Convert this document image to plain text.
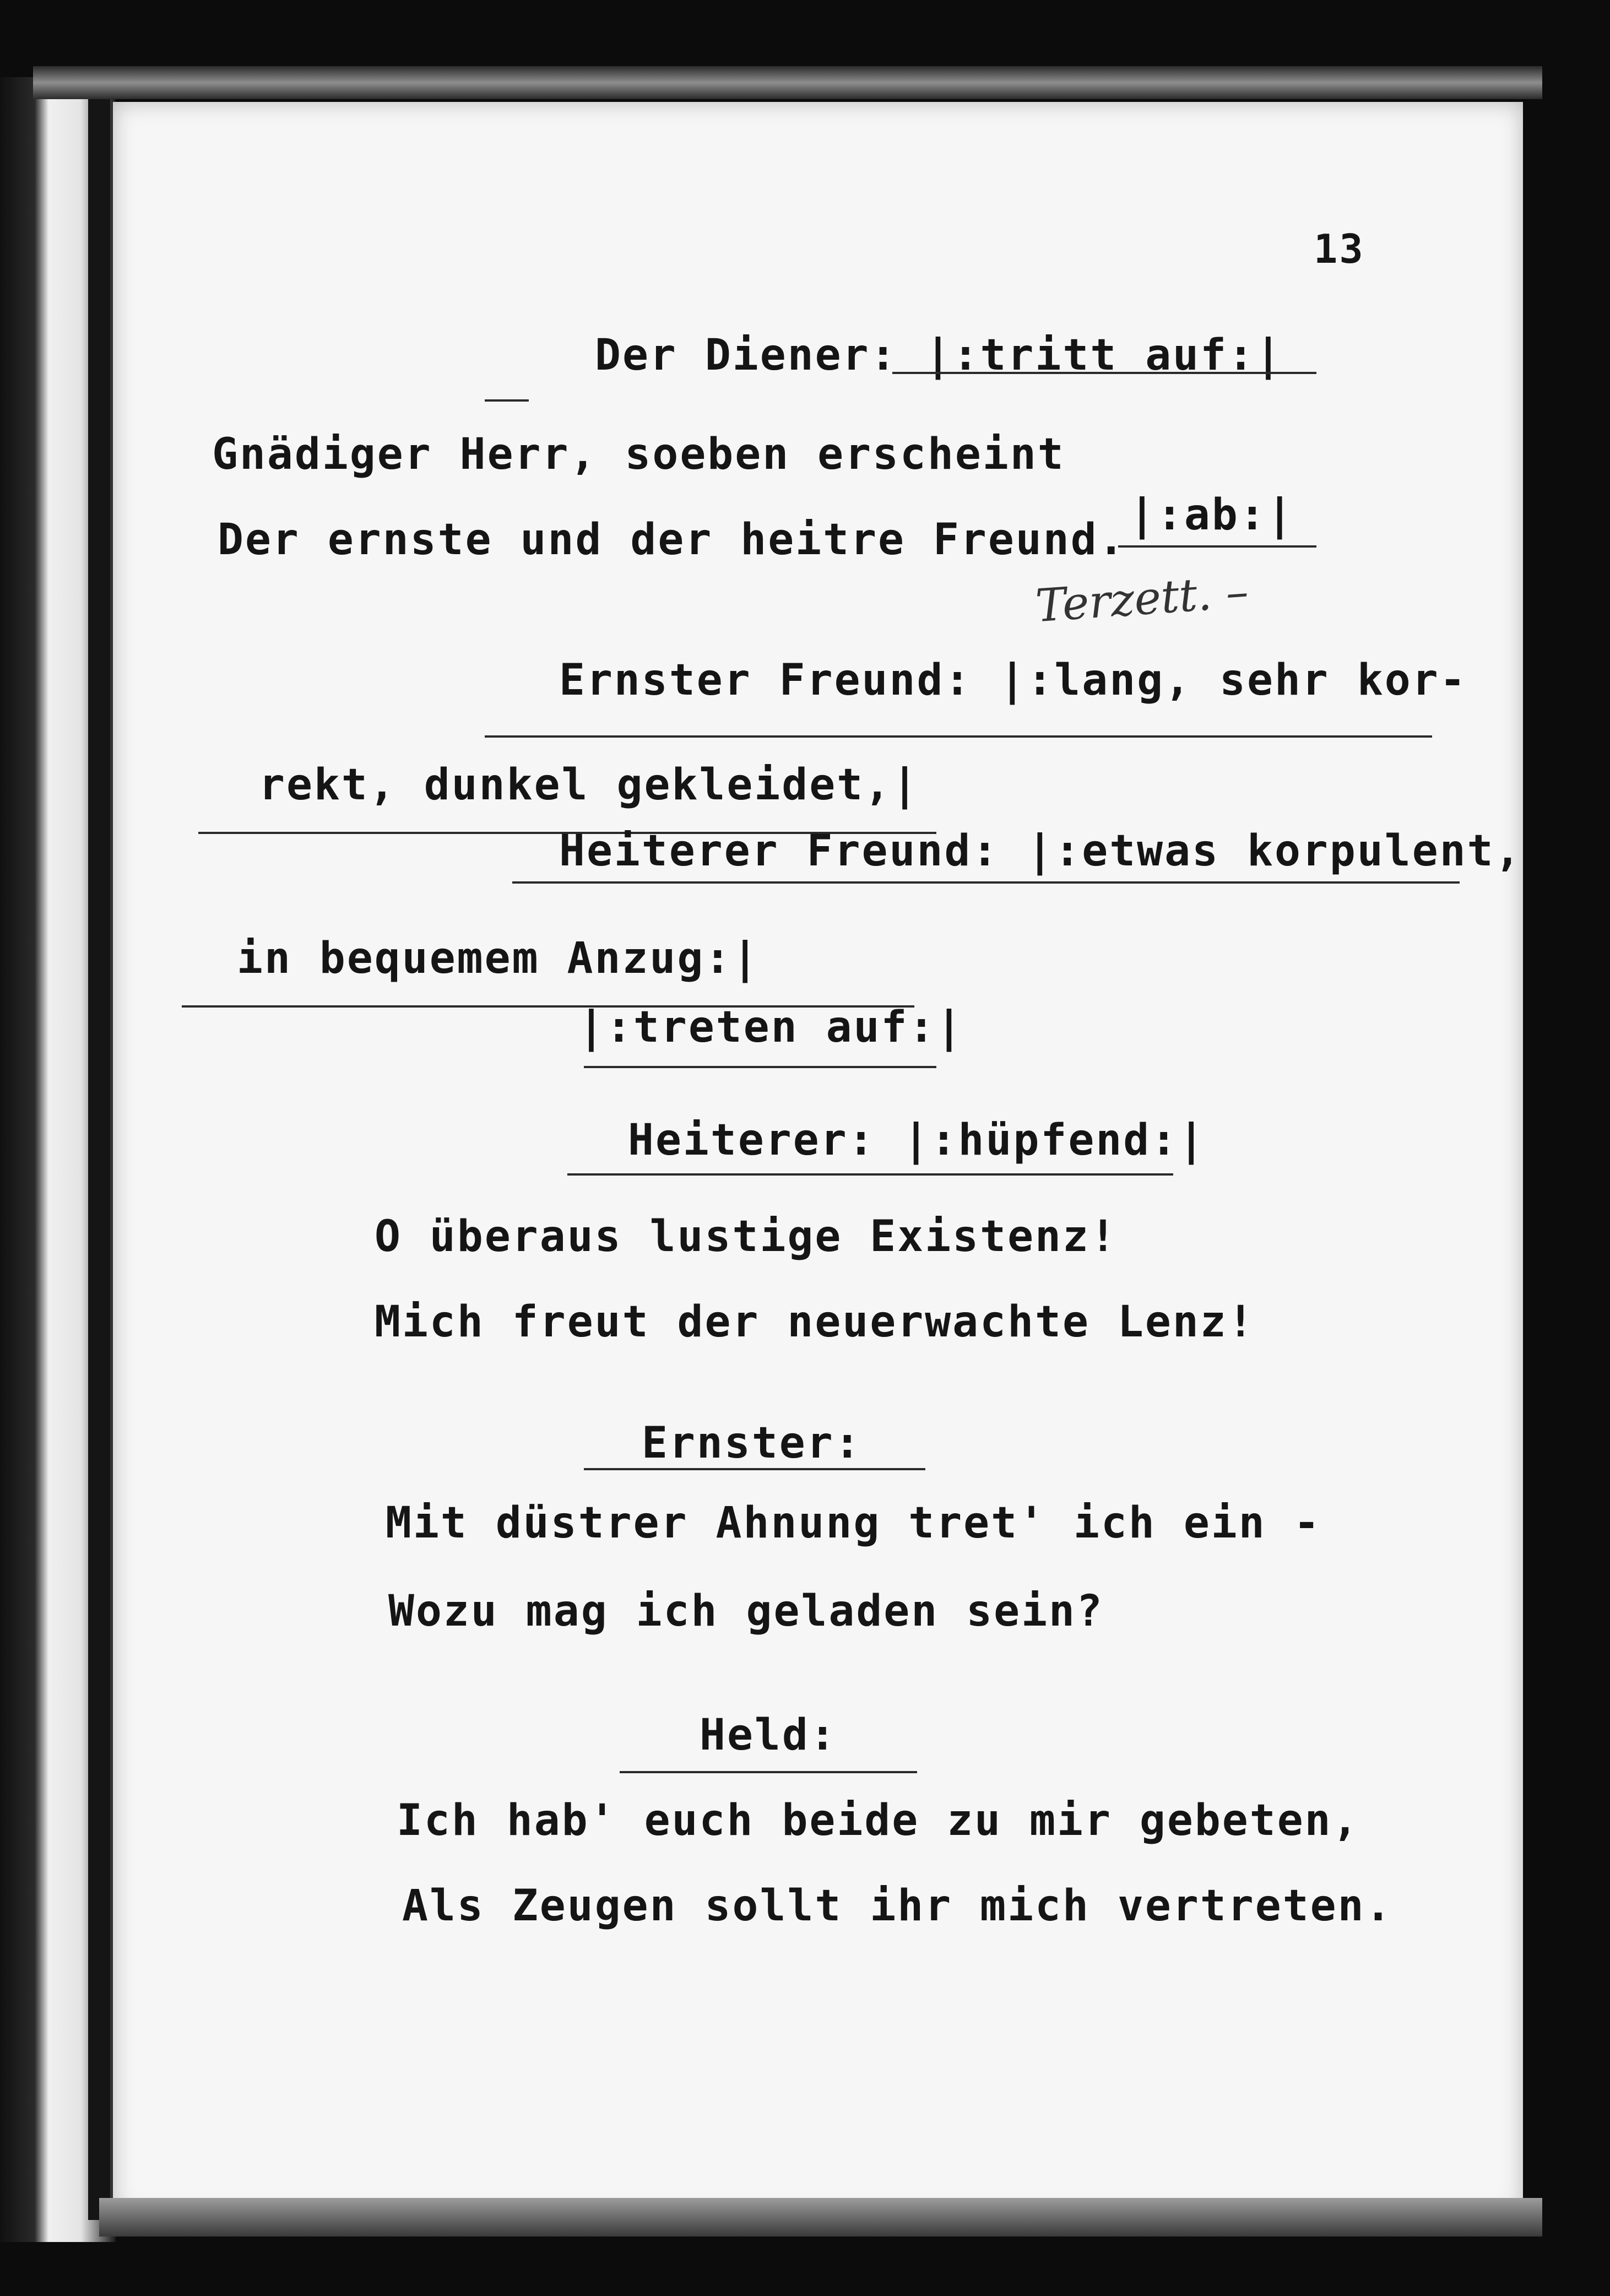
13
Der Diener: |:tritt auf:|
Gnädiger Herr, soeben erscheint
Der ernste und der heitre Freund. |:ab:|
Terzett. –
Ernster Freund: |:lang, sehr kor-
rekt, dunkel gekleidet,|
Heiterer Freund: |:etwas korpulent,
in bequemem Anzug:|
|:treten auf:|
Heiterer: |:hüpfend:|
O überaus lustige Existenz!
Mich freut der neuerwachte Lenz!
Ernster:
Mit düstrer Ahnung tret' ich ein -
Wozu mag ich geladen sein?
Held:
Ich hab' euch beide zu mir gebeten,
Als Zeugen sollt ihr mich vertreten.
